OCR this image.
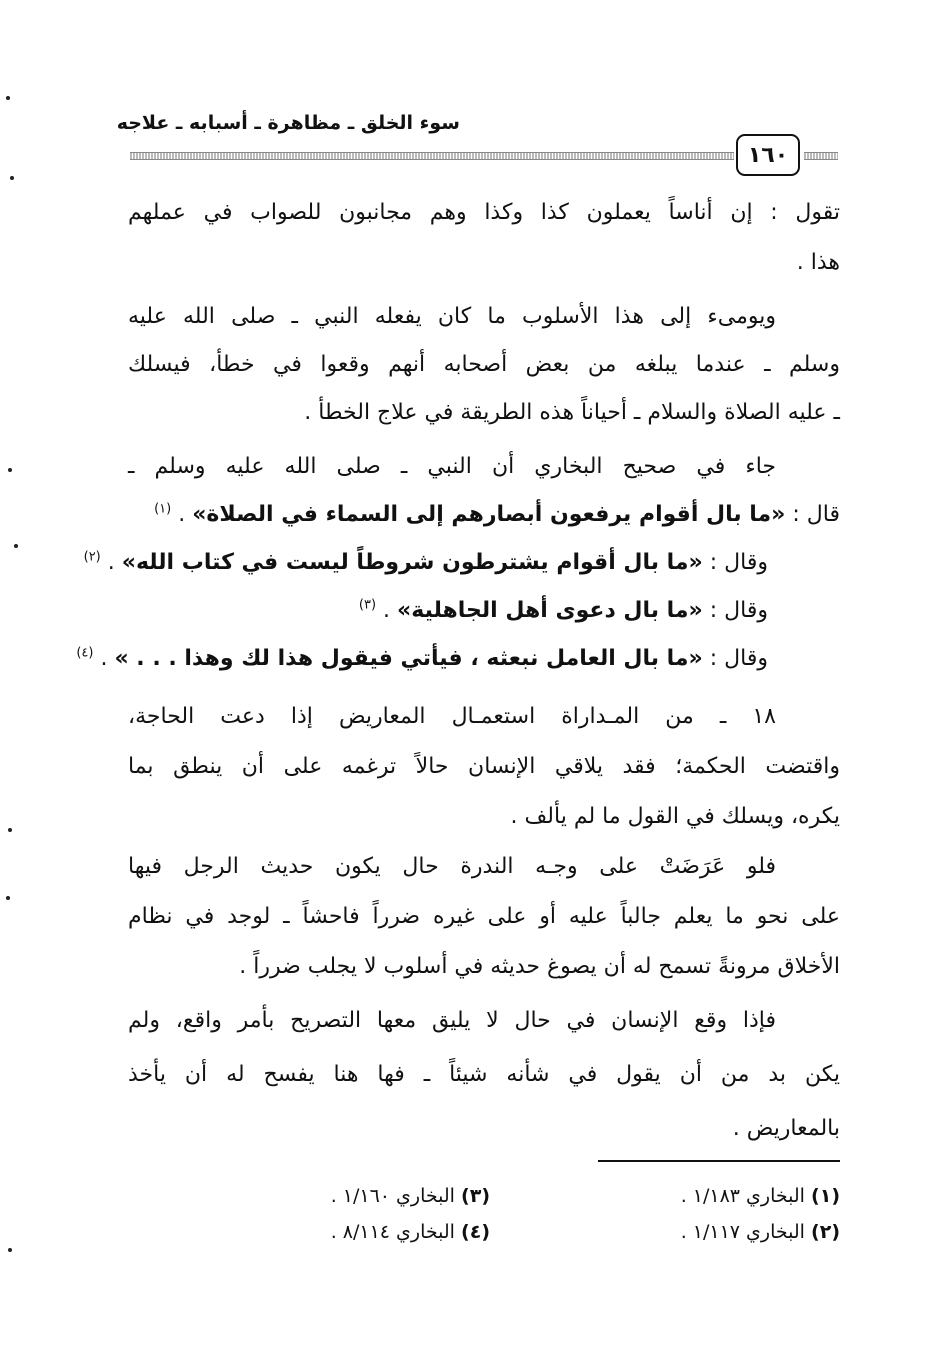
سوء الخلق ـ مظاهرة ـ أسبابه ـ علاجه
١٦٠
تقول : إن أناساً يعملون كذا وكذا وهم مجانبون للصواب في عملهم
هذا .
ويومىء إلى هذا الأسلوب ما كان يفعله النبي ـ صلى الله عليه
وسلم ـ عندما يبلغه من بعض أصحابه أنهم وقعوا في خطأ، فيسلك
ـ عليه الصلاة والسلام ـ أحياناً هذه الطريقة في علاج الخطأ .
جاء في صحيح البخاري أن النبي ـ صلى الله عليه وسلم ـ
قال : «ما بال أقوام يرفعون أبصارهم إلى السماء في الصلاة» . $^{(١)}$
وقال : «ما بال أقوام يشترطون شروطاً ليست في كتاب الله» . $^{(٢)}$
وقال : «ما بال دعوى أهل الجاهلية» . $^{(٣)}$
وقال : «ما بال العامل نبعثه ، فيأتي فيقول هذا لك وهذا . . . » . $^{(٤)}$
١٨ ـ من المـداراة استعمـال المعاريض إذا دعت الحاجة،
واقتضت الحكمة؛ فقد يلاقي الإنسان حالاً ترغمه على أن ينطق بما
يكره، ويسلك في القول ما لم يألف .
فلو عَرَضَتْ على وجـه الندرة حال يكون حديث الرجل فيها
على نحو ما يعلم جالباً عليه أو على غيره ضرراً فاحشاً ـ لوجد في نظام
الأخلاق مرونةً تسمح له أن يصوغ حديثه في أسلوب لا يجلب ضرراً .
فإذا وقع الإنسان في حال لا يليق معها التصريح بأمر واقع، ولم
يكن بد من أن يقول في شأنه شيئاً ـ فها هنا يفسح له أن يأخذ
بالمعاريض .
(١) البخاري ١/١٨٣ .
(٢) البخاري ١/١١٧ .
(٣) البخاري ١/١٦٠ .
(٤) البخاري ٨/١١٤ .
